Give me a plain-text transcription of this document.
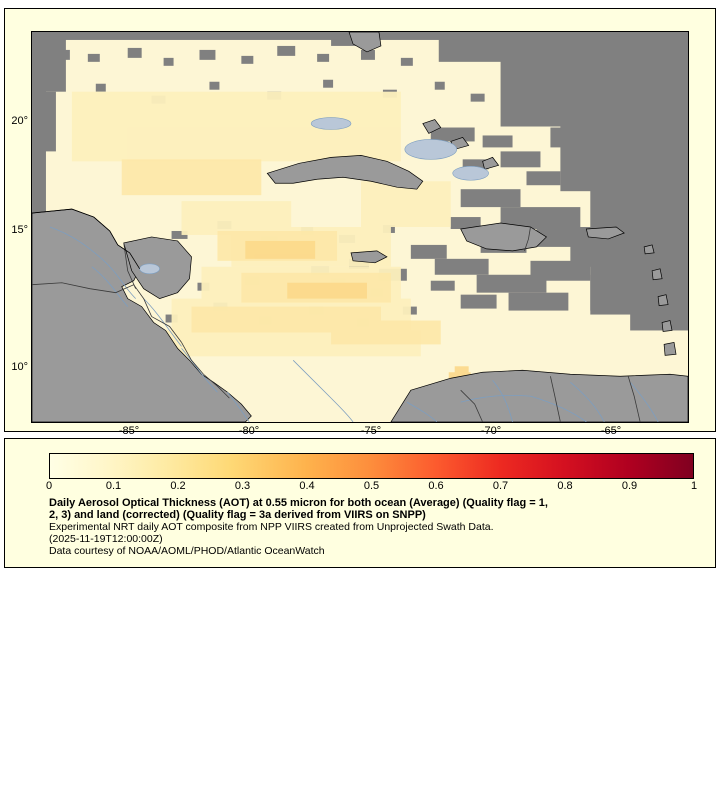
20°
15°
10°
-85°	-80°	-75°	-70°	-65°
0	0.1	0.2	0.3	0.4	0.5	0.6	0.7	0.8	0.9	1

Daily Aerosol Optical Thickness (AOT) at 0.55 micron for both ocean (Average) (Quality flag = 1,

2, 3) and land (corrected) (Quality flag = 3a derived from VIIRS on SNPP)

Experimental NRT daily AOT composite from NPP VIIRS created from Unprojected Swath Data.

(2025-11-19T12:00:00Z)

Data courtesy of NOAA/AOML/PHOD/Atlantic OceanWatch
